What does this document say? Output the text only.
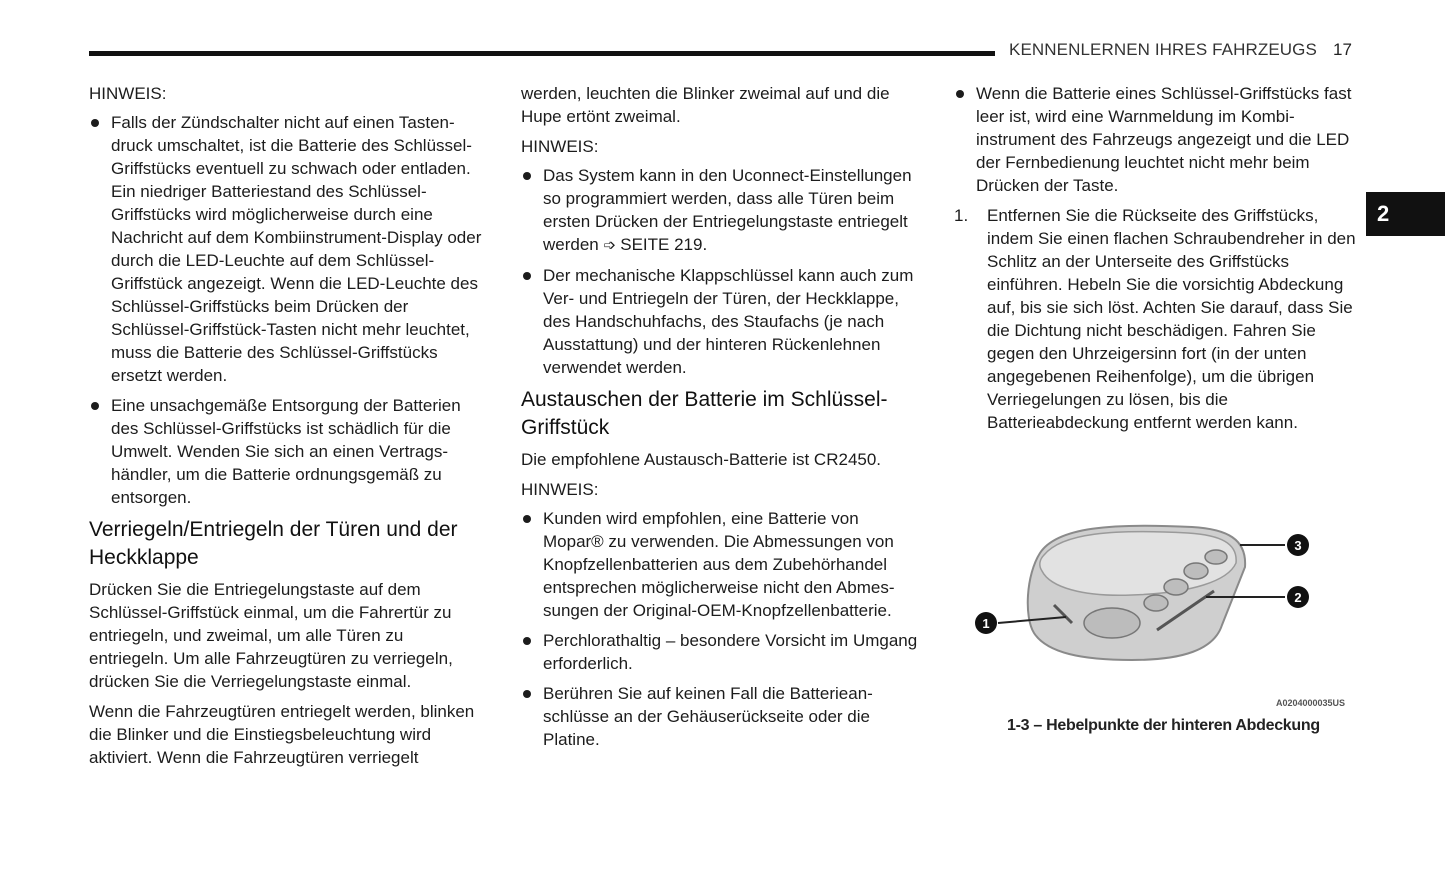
KENNENLERNEN IHRES FAHRZEUGS 17
2
HINWEIS:
Falls der Zündschalter nicht auf einen Tastendruck umschaltet, ist die Batterie des Schlüssel-Griffstücks eventuell zu schwach oder entladen. Ein niedriger Batteriestand des Schlüssel-Griffstücks wird möglicherweise durch eine Nachricht auf dem Kombiinstrument-Display oder durch die LED-Leuchte auf dem Schlüssel-Griffstück angezeigt. Wenn die LED-Leuchte des Schlüssel-Griffstücks beim Drücken der Schlüssel-Griffstück-Tasten nicht mehr leuchtet, muss die Batterie des Schlüssel-Griffstücks ersetzt werden.
Eine unsachgemäße Entsorgung der Batterien des Schlüssel-Griffstücks ist schädlich für die Umwelt. Wenden Sie sich an einen Vertragshändler, um die Batterie ordnungsgemäß zu entsorgen.
Verriegeln/Entriegeln der Türen und der Heckklappe

Drücken Sie die Entriegelungstaste auf dem Schlüssel-Griffstück einmal, um die Fahrertür zu entriegeln, und zweimal, um alle Türen zu entriegeln. Um alle Fahrzeugtüren zu verriegeln, drücken Sie die Verriegelungstaste einmal.

Wenn die Fahrzeugtüren entriegelt werden, blinken die Blinker und die Einstiegsbeleuchtung wird aktiviert. Wenn die Fahrzeugtüren verriegelt

werden, leuchten die Blinker zweimal auf und die Hupe ertönt zweimal.

HINWEIS:
Das System kann in den Uconnect-Einstellungen so programmiert werden, dass alle Türen beim ersten Drücken der Entriegelungstaste entriegelt werden ➩ SEITE 219.
Der mechanische Klappschlüssel kann auch zum Ver- und Entriegeln der Türen, der Heckklappe, des Handschuhfachs, des Staufachs (je nach Ausstattung) und der hinteren Rückenlehnen verwendet werden.
Austauschen der Batterie im Schlüssel-Griffstück

Die empfohlene Austausch-Batterie ist CR2450.

HINWEIS:
Kunden wird empfohlen, eine Batterie von Mopar® zu verwenden. Die Abmessungen von Knopfzellenbatterien aus dem Zubehörhandel entsprechen möglicherweise nicht den Abmessungen der Original-OEM-Knopfzellenbatterie.
Perchlorathaltig – besondere Vorsicht im Umgang erforderlich.
Berühren Sie auf keinen Fall die Batterieanschlüsse an der Gehäuserückseite oder die Platine.
Wenn die Batterie eines Schlüssel-Griffstücks fast leer ist, wird eine Warnmeldung im Kombiinstrument des Fahrzeugs angezeigt und die LED der Fernbedienung leuchtet nicht mehr beim Drücken der Taste.
1. Entfernen Sie die Rückseite des Griffstücks, indem Sie einen flachen Schraubendreher in den Schlitz an der Unterseite des Griffstücks einführen. Hebeln Sie die vorsichtig Abdeckung auf, bis sie sich löst. Achten Sie darauf, dass Sie die Dichtung nicht beschädigen. Fahren Sie gegen den Uhrzeigersinn fort (in der unten angegebenen Reihenfolge), um die übrigen Verriegelungen zu lösen, bis die Batterieabdeckung entfernt werden kann.
1
2
3
A0204000035US
1-3 – Hebelpunkte der hinteren Abdeckung
